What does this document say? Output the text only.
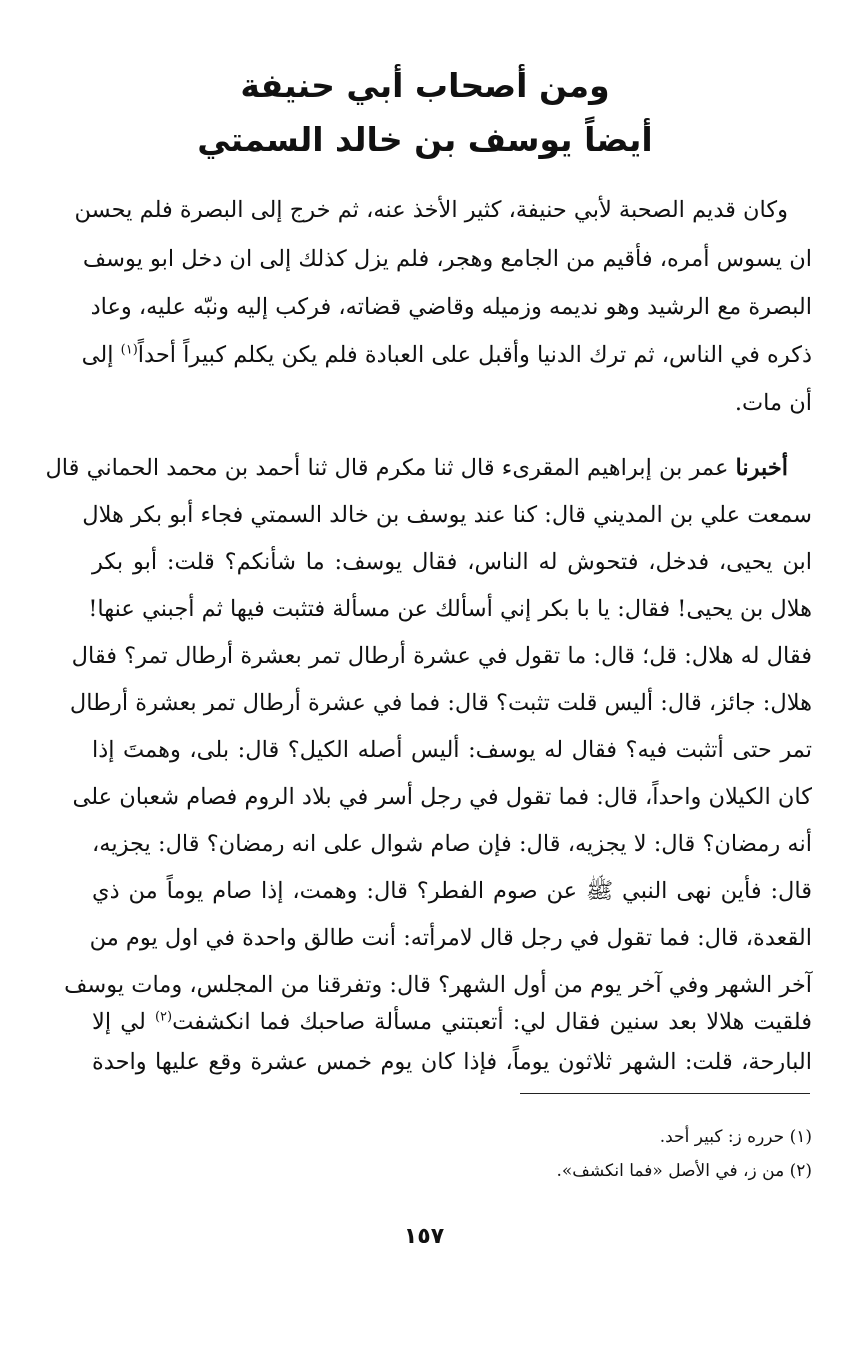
ومن أصحاب أبي حنيفة
أيضاً يوسف بن خالد السمتي
وكان قديم الصحبة لأبي حنيفة، كثير الأخذ عنه، ثم خرج إلى البصرة فلم يحسن
ان يسوس أمره، فأقيم من الجامع وهجر، فلم يزل كذلك إلى ان دخل ابو يوسف
البصرة مع الرشيد وهو نديمه وزميله وقاضي قضاته، فركب إليه ونبّه عليه، وعاد
ذكره في الناس، ثم ترك الدنيا وأقبل على العبادة فلم يكن يكلم كبيراً أحداً$^{(١)}$ إلى
أن مات.
أخبرنا عمر بن إبراهيم المقرىء قال ثنا مكرم قال ثنا أحمد بن محمد الحماني قال
سمعت علي بن المديني قال: كنا عند يوسف بن خالد السمتي فجاء أبو بكر هلال
ابن يحيى، فدخل، فتحوش له الناس، فقال يوسف: ما شأنكم؟ قلت: أبو بكر
هلال بن يحيى! فقال: يا با بكر إني أسألك عن مسألة فتثبت فيها ثم أجبني عنها!
فقال له هلال: قل؛ قال: ما تقول في عشرة أرطال تمر بعشرة أرطال تمر؟ فقال
هلال: جائز، قال: أليس قلت تثبت؟ قال: فما في عشرة أرطال تمر بعشرة أرطال
تمر حتى أتثبت فيه؟ فقال له يوسف: أليس أصله الكيل؟ قال: بلى، وهمتَ إذا
كان الكيلان واحداً، قال: فما تقول في رجل أسر في بلاد الروم فصام شعبان على
أنه رمضان؟ قال: لا يجزيه، قال: فإن صام شوال على انه رمضان؟ قال: يجزيه،
قال: فأين نهى النبي ﷺ عن صوم الفطر؟ قال: وهمت، إذا صام يوماً من ذي
القعدة، قال: فما تقول في رجل قال لامرأته: أنت طالق واحدة في اول يوم من
آخر الشهر وفي آخر يوم من أول الشهر؟ قال: وتفرقنا من المجلس، ومات يوسف
فلقيت هلالا بعد سنين فقال لي: أتعبتني مسألة صاحبك فما انكشفت$^{(٢)}$ لي إلا
البارحة، قلت: الشهر ثلاثون يوماً، فإذا كان يوم خمس عشرة وقع عليها واحدة
(١) حرره ز: كبير أحد.
(٢) من ز، في الأصل «فما انكشف».
١٥٧
